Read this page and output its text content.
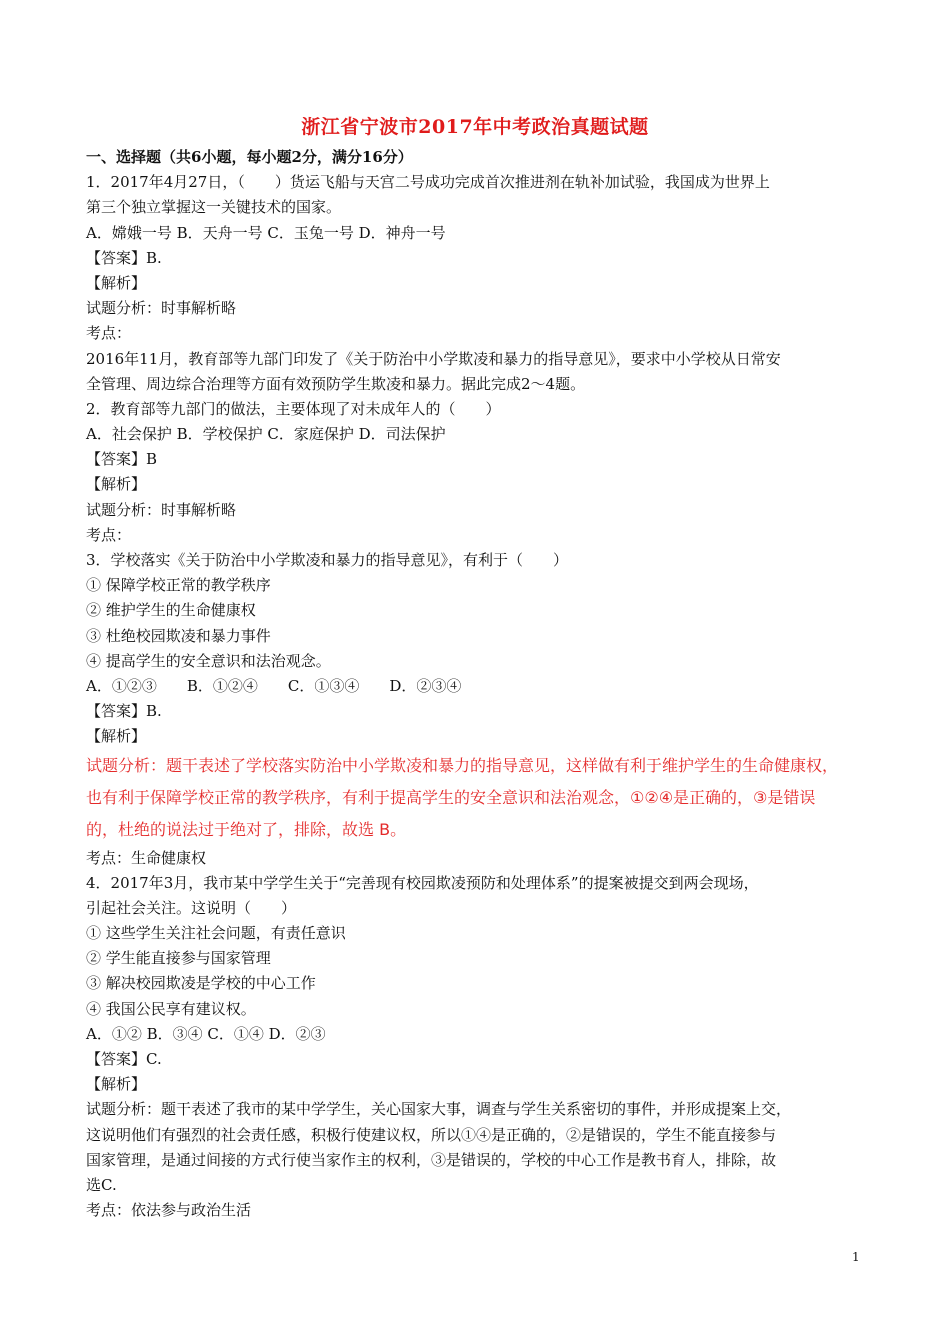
浙江省宁波市2017年中考政治真题试题
一、选择题（共6小题，每小题2分，满分16分）
1．2017年4月27日，（　　）货运飞船与天宫二号成功完成首次推进剂在轨补加试验，我国成为世界上
第三个独立掌握这一关键技术的国家。
A．嫦娥一号 B．天舟一号 C．玉兔一号 D．神舟一号
【答案】B.
【解析】
试题分析：时事解析略
考点：
2016年11月，教育部等九部门印发了《关于防治中小学欺凌和暴力的指导意见》，要求中小学校从日常安
全管理、周边综合治理等方面有效预防学生欺凌和暴力。据此完成2～4题。
2．教育部等九部门的做法，主要体现了对未成年人的（　　）
A．社会保护 B．学校保护 C．家庭保护 D．司法保护
【答案】B
【解析】
试题分析：时事解析略
考点：
3．学校落实《关于防治中小学欺凌和暴力的指导意见》，有利于（　　）
① 保障学校正常的教学秩序
② 维护学生的生命健康权
③ 杜绝校园欺凌和暴力事件
④ 提高学生的安全意识和法治观念。
A．①②③　　B．①②④　　C．①③④　　D．②③④
【答案】B.
【解析】
试题分析：题干表述了学校落实防治中小学欺凌和暴力的指导意见，这样做有利于维护学生的生命健康权，
也有利于保障学校正常的教学秩序，有利于提高学生的安全意识和法治观念，①②④是正确的，③是错误
的，杜绝的说法过于绝对了，排除，故选 B。
考点：生命健康权
4．2017年3月，我市某中学学生关于“完善现有校园欺凌预防和处理体系”的提案被提交到两会现场，
引起社会关注。这说明（　　）
① 这些学生关注社会问题，有责任意识
② 学生能直接参与国家管理
③ 解决校园欺凌是学校的中心工作
④ 我国公民享有建议权。
A．①② B．③④ C．①④ D．②③
【答案】C.
【解析】
试题分析：题干表述了我市的某中学学生，关心国家大事，调查与学生关系密切的事件，并形成提案上交，
这说明他们有强烈的社会责任感，积极行使建议权，所以①④是正确的，②是错误的，学生不能直接参与
国家管理，是通过间接的方式行使当家作主的权利，③是错误的，学校的中心工作是教书育人，排除，故
选C.
考点：依法参与政治生活
1
